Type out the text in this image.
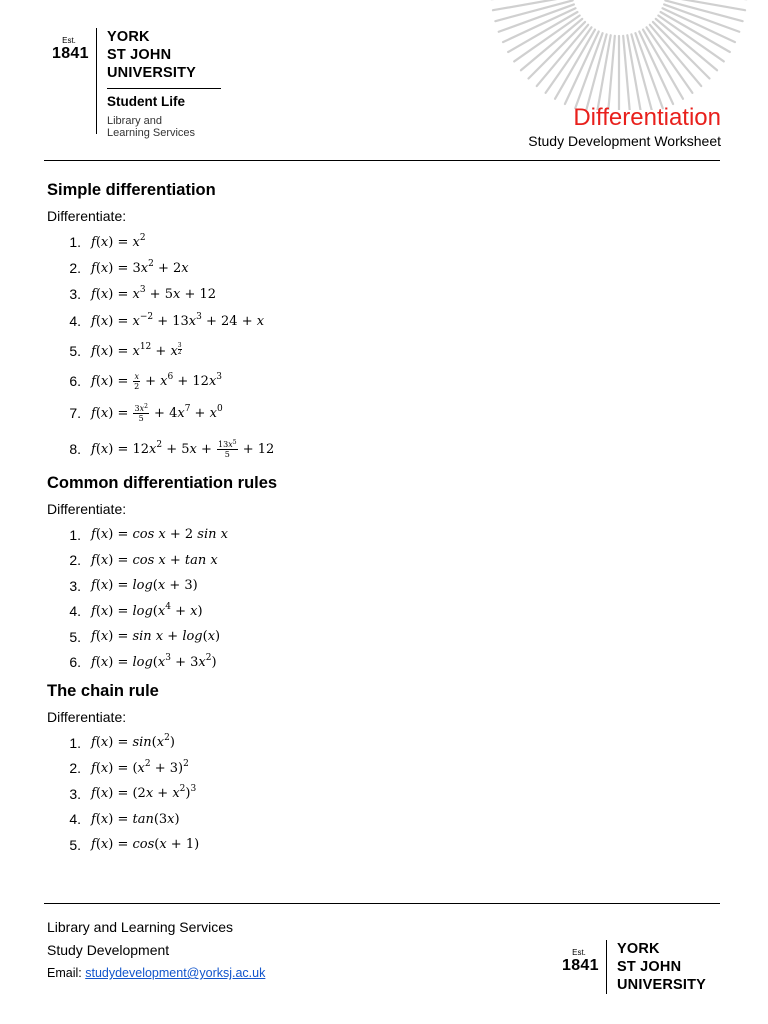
Est.
1841
YORK
ST JOHN
UNIVERSITY
Student Life
Library and
Learning Services
Differentiation
Study Development Worksheet
Simple differentiation
Differentiate:
1. $f(x) = x^2$
2. $f(x) = 3x^2 + 2x$
3. $f(x) = x^3 + 5x + 12$
4. $f(x) = x^{-2} + 13x^3 + 24 + x$
5. $f(x) = x^{12} + x \frac{3}{2}$
6. $f(x) = \frac{x}{2} + x^6 + 12x^3$
7. $f(x) = \frac{3x^2}{5} + 4x^7 + x^0$
8. $f(x) = 12x^2 + 5x + \frac{13x^5}{5} + 12$
Common differentiation rules
Differentiate:
1. f(x) = cos x + 2 sin x
2. f(x) = cos x + tan x
3. f(x) = log(x + 3)
4. $f(x) = \log(x^4 + x)$
5. f(x) = sin x + log(x)
6. $f(x) = \log(x^3 + 3x^2)$
The chain rule
Differentiate:
1. $f(x) = \sin(x^2)$
2. $f(x) = (x^2 + 3)^2$
3. $f(x) = (2x + x^2)^3$
4. f(x) = tan(3x)
5. f(x) = cos(x + 1)
Library and Learning Services
Study Development
Email: studydevelopment@yorksj.ac.uk
Est.
1841
YORK
ST JOHN
UNIVERSITY
